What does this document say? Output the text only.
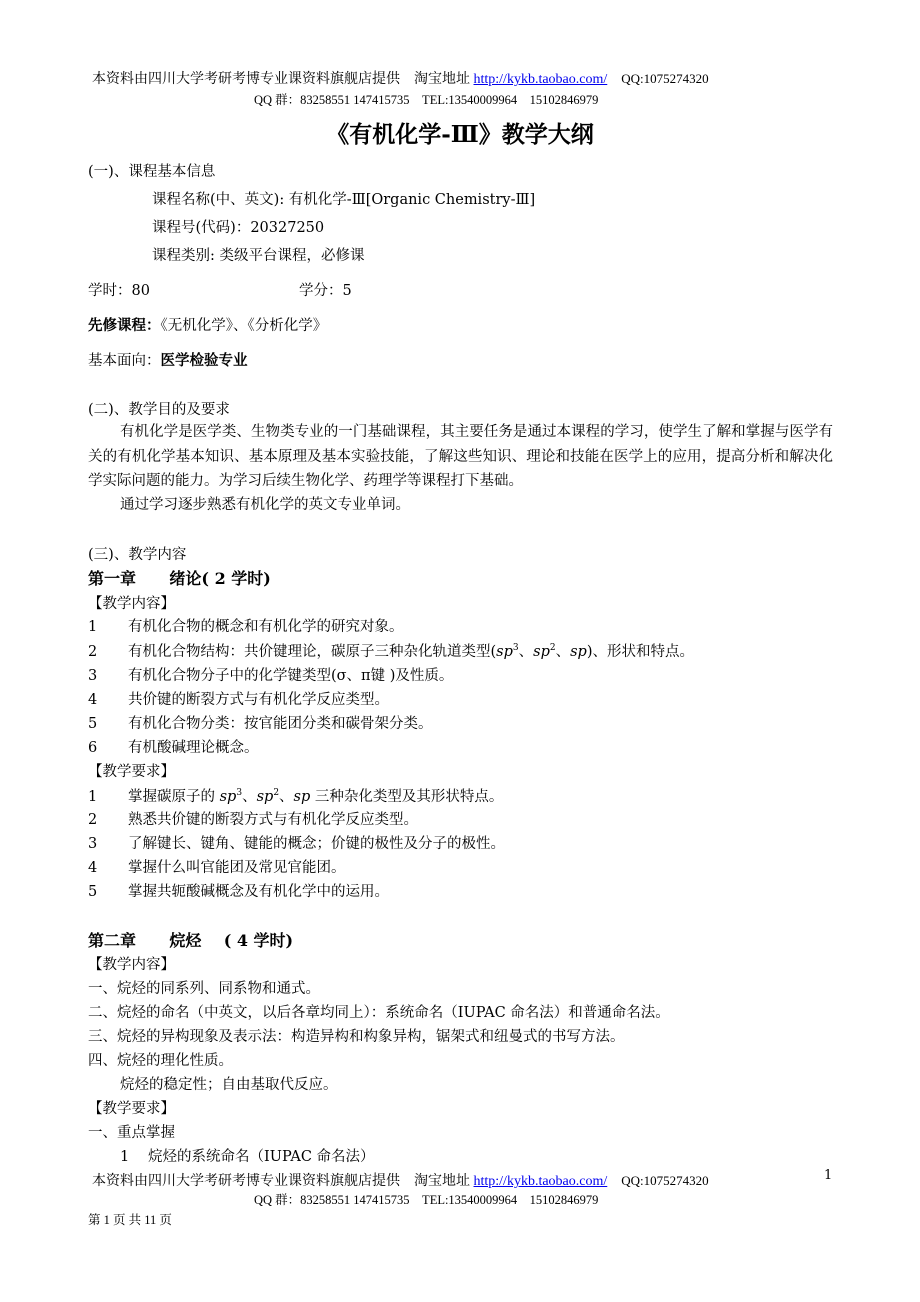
本资料由四川大学考研考博专业课资料旗舰店提供 淘宝地址 http://kykb.taobao.com/ QQ:1075274320
QQ 群：83258551 147415735    TEL:13540009964    15102846979
《有机化学-Ⅲ》教学大纲
(一)、课程基本信息
课程名称(中、英文): 有机化学-Ⅲ[Organic Chemistry-Ⅲ]
课程号(代码)：20327250
课程类别: 类级平台课程，必修课
学时：80	学分：5
先修课程：《无机化学》、《分析化学》
基本面向：医学检验专业
(二)、教学目的及要求
有机化学是医学类、生物类专业的一门基础课程，其主要任务是通过本课程的学习，使学生了解和掌握与医学有关的有机化学基本知识、基本原理及基本实验技能，了解这些知识、理论和技能在医学上的应用，提高分析和解决化学实际问题的能力。为学习后续生物化学、药理学等课程打下基础。
通过学习逐步熟悉有机化学的英文专业单词。
(三)、教学内容
第一章      绪论( 2 学时)
【教学内容】
1 有机化合物的概念和有机化学的研究对象。
2 有机化合物结构：共价键理论，碳原子三种杂化轨道类型($sp^3$、$sp^2$、sp)、形状和特点。
3 有机化合物分子中的化学键类型(σ、π键 )及性质。
4 共价键的断裂方式与有机化学反应类型。
5 有机化合物分类：按官能团分类和碳骨架分类。
6 有机酸碱理论概念。
【教学要求】
1 掌握碳原子的 $sp^3$、$sp^2$、sp 三种杂化类型及其形状特点。
2 熟悉共价键的断裂方式与有机化学反应类型。
3 了解键长、键角、键能的概念；价键的极性及分子的极性。
4 掌握什么叫官能团及常见官能团。
5 掌握共轭酸碱概念及有机化学中的运用。
第二章      烷烃    ( 4 学时)
【教学内容】
一、烷烃的同系列、同系物和通式。
二、烷烃的命名（中英文，以后各章均同上）：系统命名（IUPAC 命名法）和普通命名法。
三、烷烃的异构现象及表示法：构造异构和构象异构，锯架式和纽曼式的书写方法。
四、烷烃的理化性质。
烷烃的稳定性；自由基取代反应。
【教学要求】
一、重点掌握
1 烷烃的系统命名（IUPAC 命名法）
本资料由四川大学考研考博专业课资料旗舰店提供 淘宝地址 http://kykb.taobao.com/ QQ:1075274320	1
QQ 群：83258551 147415735    TEL:13540009964    15102846979
第 1 页 共 11 页
